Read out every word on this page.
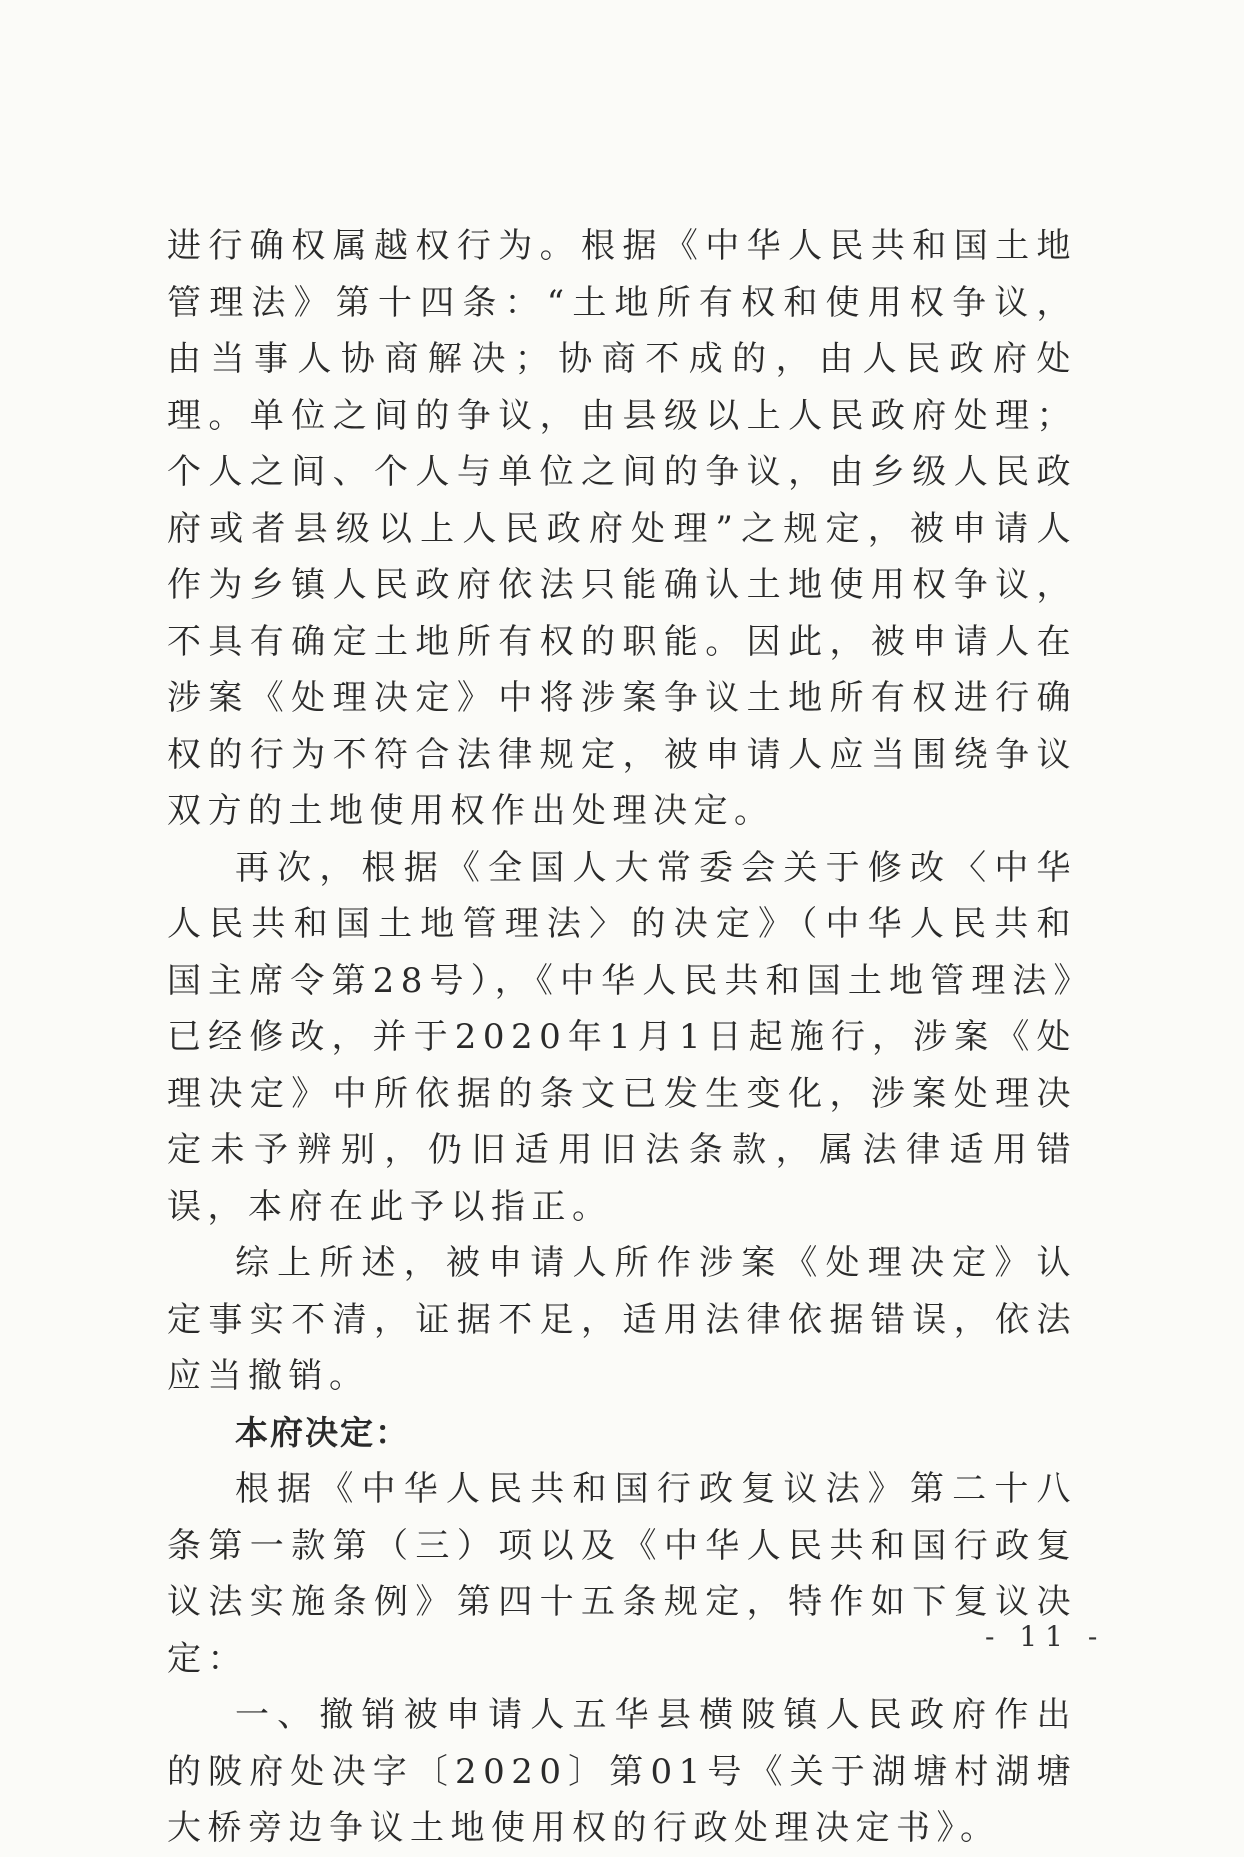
进行确权属越权行为。根据《中华人民共和国土地管理法》第十四条：“土地所有权和使用权争议，由当事人协商解决；协商不成的，由人民政府处理。单位之间的争议，由县级以上人民政府处理；个人之间、个人与单位之间的争议，由乡级人民政府或者县级以上人民政府处理”之规定，被申请人作为乡镇人民政府依法只能确认土地使用权争议，不具有确定土地所有权的职能。因此，被申请人在涉案《处理决定》中将涉案争议土地所有权进行确权的行为不符合法律规定，被申请人应当围绕争议双方的土地使用权作出处理决定。

再次，根据《全国人大常委会关于修改〈中华人民共和国土地管理法〉的决定》（中华人民共和国主席令第28号），《中华人民共和国土地管理法》已经修改，并于2020年1月1日起施行，涉案《处理决定》中所依据的条文已发生变化，涉案处理决定未予辨别，仍旧适用旧法条款，属法律适用错误，本府在此予以指正。

综上所述，被申请人所作涉案《处理决定》认定事实不清，证据不足，适用法律依据错误，依法应当撤销。

本府决定：

根据《中华人民共和国行政复议法》第二十八条第一款第（三）项以及《中华人民共和国行政复议法实施条例》第四十五条规定，特作如下复议决定：

一、撤销被申请人五华县横陂镇人民政府作出的陂府处决字〔2020〕第01号《关于湖塘村湖塘大桥旁边争议土地使用权的行政处理决定书》。

- 11 -
